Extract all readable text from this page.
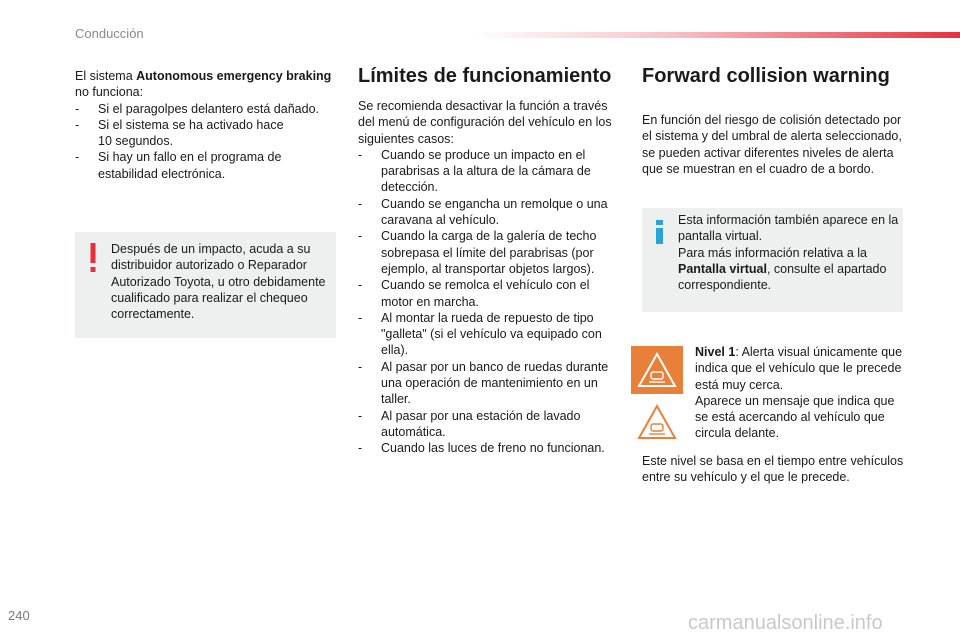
Conducción

El sistema Autonomous emergency braking
no funciona:

- Si el paragolpes delantero está dañado.
- Si el sistema se ha activado hace 10 segundos.
- Si hay un fallo en el programa de estabilidad electrónica.
Después de un impacto, acuda a su distribuidor autorizado o Reparador Autorizado Toyota, u otro debidamente cualificado para realizar el chequeo correctamente.
Límites de funcionamiento

Se recomienda desactivar la función a través del menú de configuración del vehículo en los siguientes casos:

- Cuando se produce un impacto en el parabrisas a la altura de la cámara de detección.
- Cuando se engancha un remolque o una caravana al vehículo.
- Cuando la carga de la galería de techo sobrepasa el límite del parabrisas (por ejemplo, al transportar objetos largos).
- Cuando se remolca el vehículo con el motor en marcha.
- Al montar la rueda de repuesto de tipo "galleta" (si el vehículo va equipado con ella).
- Al pasar por un banco de ruedas durante una operación de mantenimiento en un taller.
- Al pasar por una estación de lavado automática.
- Cuando las luces de freno no funcionan.
Forward collision warning

En función del riesgo de colisión detectado por el sistema y del umbral de alerta seleccionado, se pueden activar diferentes niveles de alerta que se muestran en el cuadro de a bordo.

Esta información también aparece en la pantalla virtual.
Para más información relativa a la Pantalla virtual, consulte el apartado correspondiente.

Nivel 1: Alerta visual únicamente que indica que el vehículo que le precede está muy cerca.

Aparece un mensaje que indica que se está acercando al vehículo que circula delante.

Este nivel se basa en el tiempo entre vehículos entre su vehículo y el que le precede.

240	carmanualsonline.info
